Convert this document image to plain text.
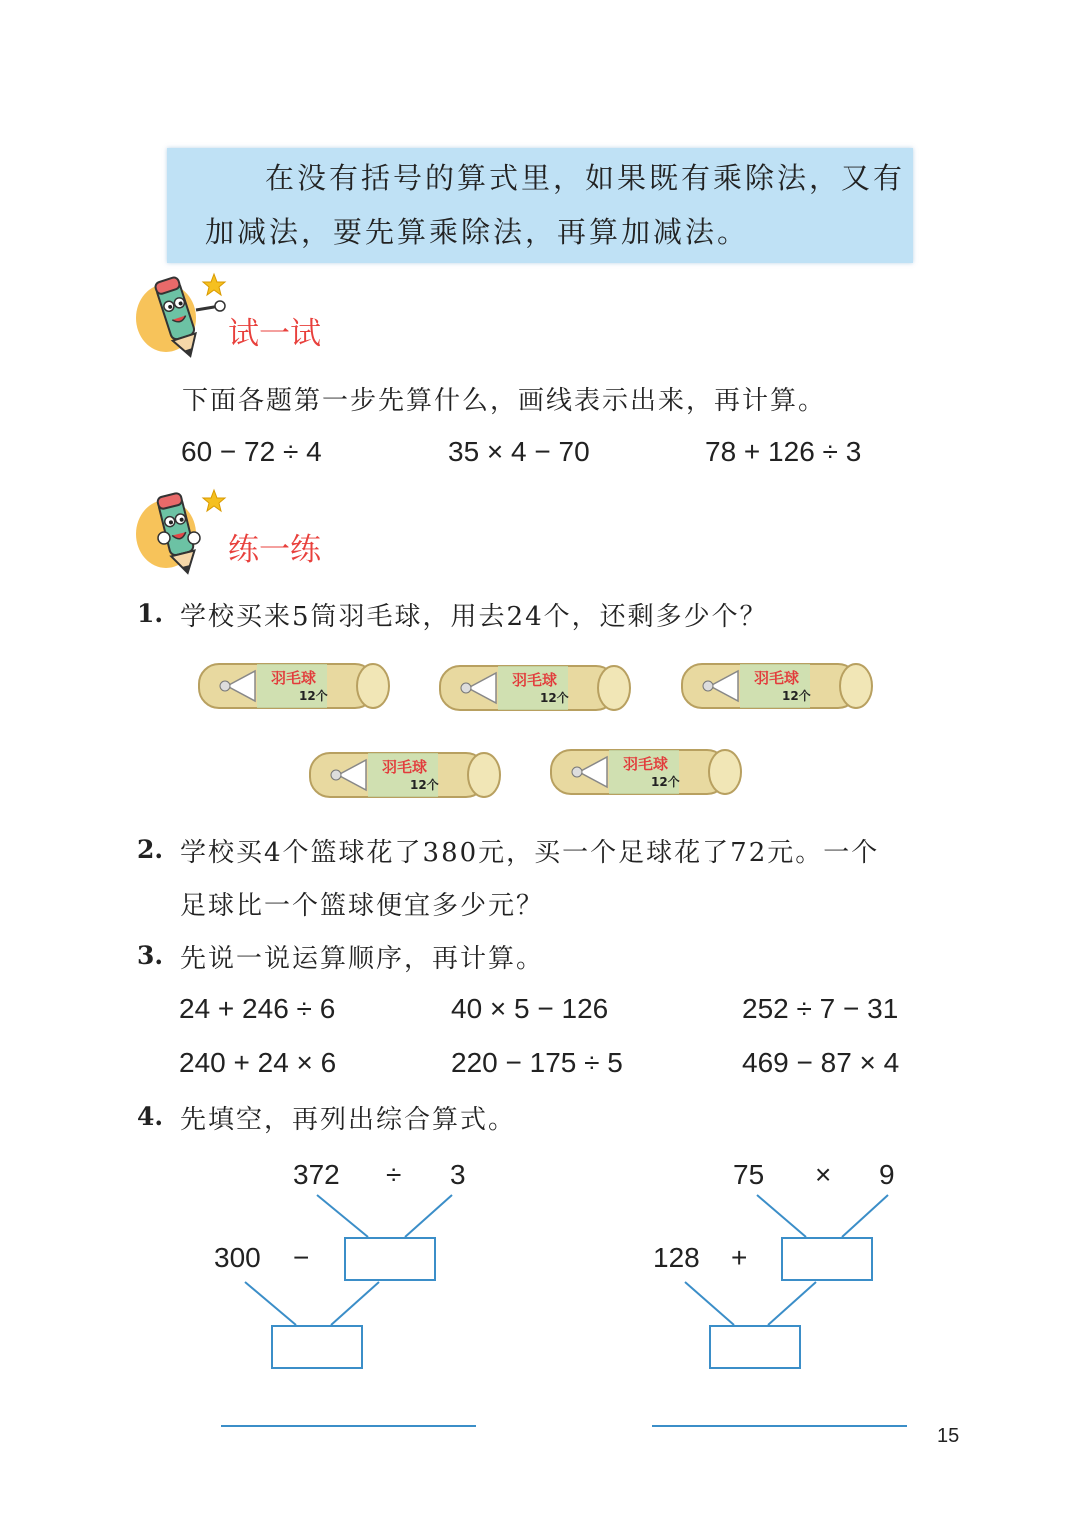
在没有括号的算式里，如果既有乘除法，又有
加减法，要先算乘除法，再算加减法。
试一试
下面各题第一步先算什么，画线表示出来，再计算。
60 − 72 ÷ 4	35 × 4 − 70	78 + 126 ÷ 3
练一练
1. 学校买来5筒羽毛球，用去24个，还剩多少个？
羽毛球
12个
羽毛球
12个
羽毛球
12个
羽毛球
12个
羽毛球
12个
2. 学校买4个篮球花了380元，买一个足球花了72元。一个
足球比一个篮球便宜多少元？
3. 先说一说运算顺序，再计算。
24 + 246 ÷ 6	40 × 5 − 126	252 ÷ 7 − 31
240 + 24 × 6	220 − 175 ÷ 5	469 − 87 × 4
4. 先填空，再列出综合算式。
372 ÷ 3
300 −
75 × 9
128 +
15
